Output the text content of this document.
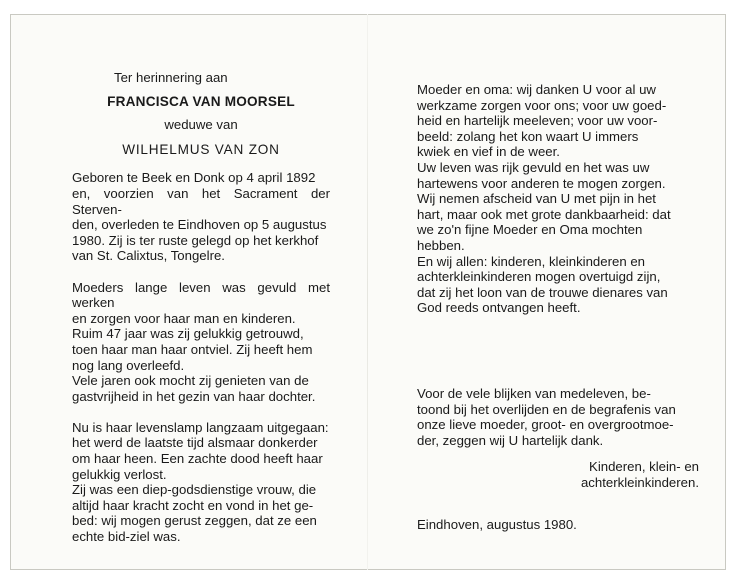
Ter herinnering aan

FRANCISCA VAN MOORSEL

weduwe van

WILHELMUS VAN ZON

Geboren te Beek en Donk op 4 april 1892

en, voorzien van het Sacrament der Sterven-

den, overleden te Eindhoven op 5 augustus

1980. Zij is ter ruste gelegd op het kerkhof

van St. Calixtus, Tongelre.

Moeders lange leven was gevuld met werken

en zorgen voor haar man en kinderen.

Ruim 47 jaar was zij gelukkig getrouwd,

toen haar man haar ontviel. Zij heeft hem

nog lang overleefd.

Vele jaren ook mocht zij genieten van de

gastvrijheid in het gezin van haar dochter.

Nu is haar levenslamp langzaam uitgegaan:

het werd de laatste tijd alsmaar donkerder

om haar heen. Een zachte dood heeft haar

gelukkig verlost.

Zij was een diep-godsdienstige vrouw, die

altijd haar kracht zocht en vond in het ge-

bed: wij mogen gerust zeggen, dat ze een

echte bid-ziel was.

Moeder en oma: wij danken U voor al uw

werkzame zorgen voor ons; voor uw goed-

heid en hartelijk meeleven; voor uw voor-

beeld: zolang het kon waart U immers

kwiek en vief in de weer.

Uw leven was rijk gevuld en het was uw

hartewens voor anderen te mogen zorgen.

Wij nemen afscheid van U met pijn in het

hart, maar ook met grote dankbaarheid: dat

we zo'n fijne Moeder en Oma mochten

hebben.

En wij allen: kinderen, kleinkinderen en

achterkleinkinderen mogen overtuigd zijn,

dat zij het loon van de trouwe dienares van

God reeds ontvangen heeft.

Voor de vele blijken van medeleven, be-

toond bij het overlijden en de begrafenis van

onze lieve moeder, groot- en overgrootmoe-

der, zeggen wij U hartelijk dank.

Kinderen, klein- en

achterkleinkinderen.

Eindhoven, augustus 1980.
